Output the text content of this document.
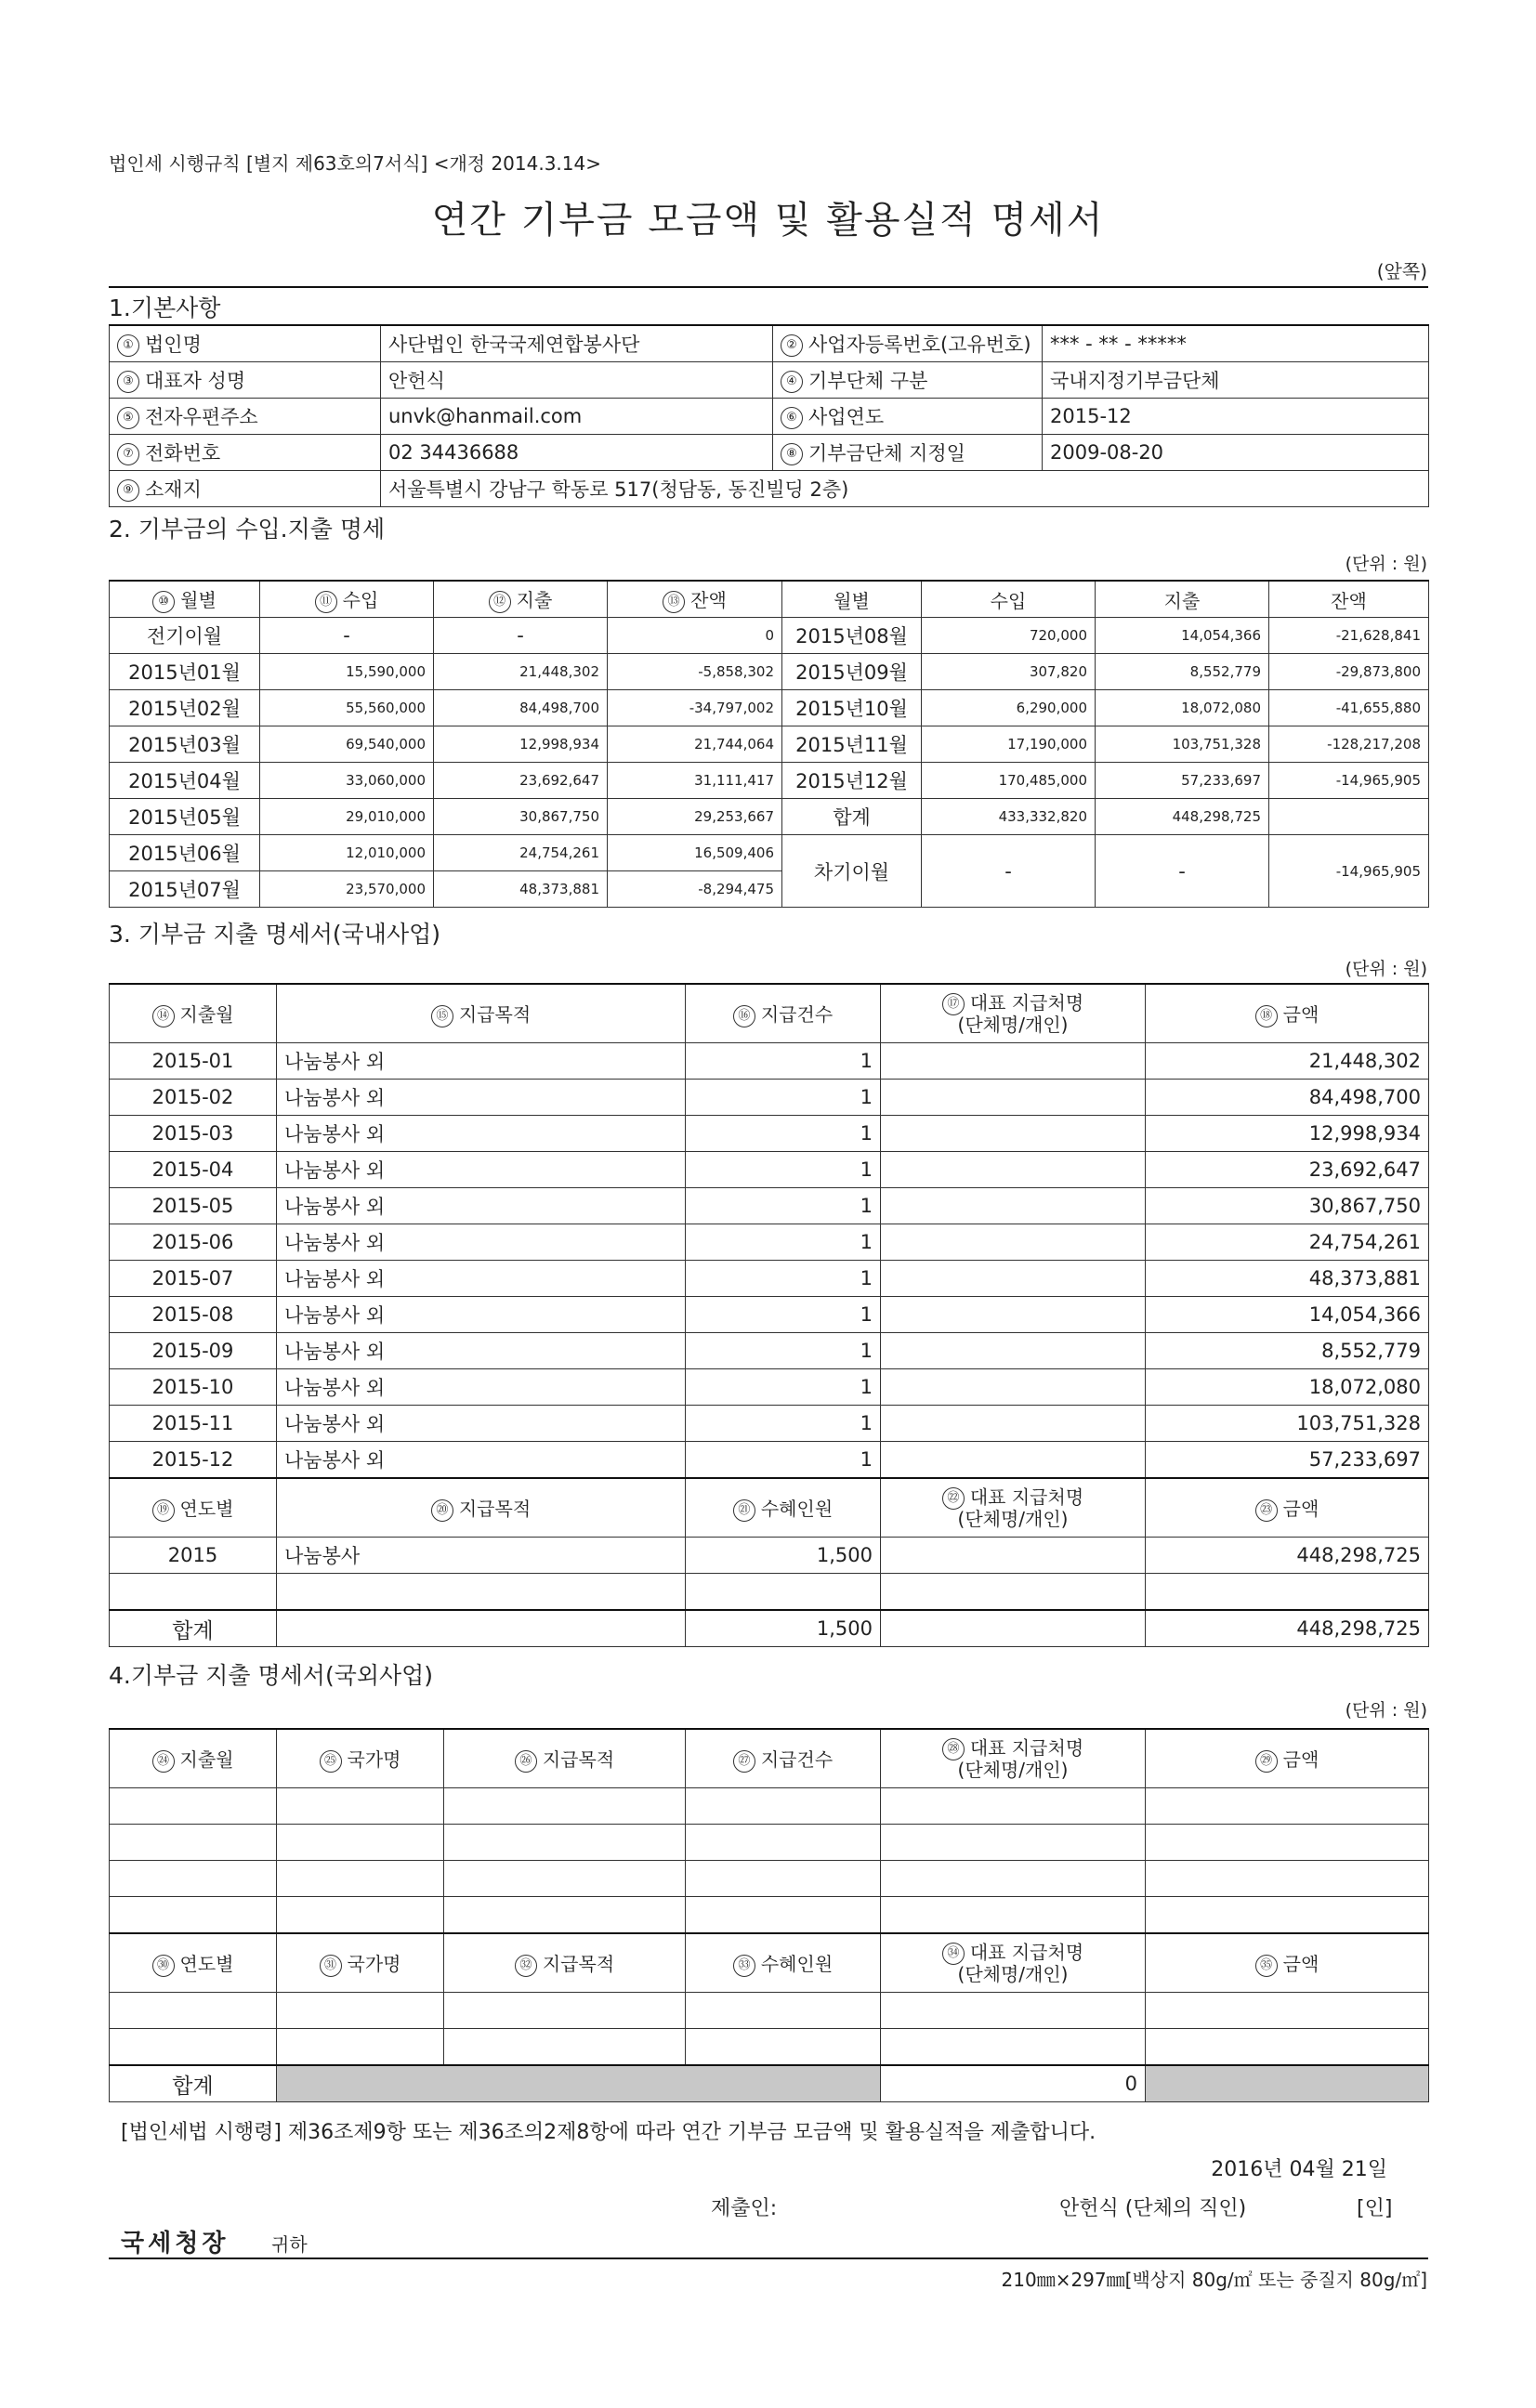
법인세 시행규칙 [별지 제63호의7서식] <개정 2014.3.14>
연간 기부금 모금액 및 활용실적 명세서
(앞쪽)
1.기본사항
① 법인명	사단법인 한국국제연합봉사단	② 사업자등록번호(고유번호)	*** - ** - *****
③ 대표자 성명	안헌식	④ 기부단체 구분	국내지정기부금단체
⑤ 전자우편주소	unvk@hanmail.com	⑥ 사업연도	2015-12
⑦ 전화번호	02 34436688	⑧ 기부금단체 지정일	2009-08-20
⑨ 소재지	서울특별시 강남구 학동로 517(청담동, 동진빌딩 2층)		
2. 기부금의 수입.지출 명세
(단위 : 원)
⑩ 월별	⑪ 수입	⑫ 지출	⑬ 잔액	월별	수입	지출	잔액
전기이월	-	-	0	2015년08월	720,000	14,054,366	-21,628,841
2015년01월	15,590,000	21,448,302	-5,858,302	2015년09월	307,820	8,552,779	-29,873,800
2015년02월	55,560,000	84,498,700	-34,797,002	2015년10월	6,290,000	18,072,080	-41,655,880
2015년03월	69,540,000	12,998,934	21,744,064	2015년11월	17,190,000	103,751,328	-128,217,208
2015년04월	33,060,000	23,692,647	31,111,417	2015년12월	170,485,000	57,233,697	-14,965,905
2015년05월	29,010,000	30,867,750	29,253,667	합계	433,332,820	448,298,725	
2015년06월	12,010,000	24,754,261	16,509,406	차기이월	-	-	-14,965,905
2015년07월	23,570,000	48,373,881	-8,294,475				
3. 기부금 지출 명세서(국내사업)
(단위 : 원)
⑭ 지출월	⑮ 지급목적	⑯ 지급건수	⑰ 대표 지급처명
(단체명/개인)	⑱ 금액
2015-01	나눔봉사 외	1		21,448,302
2015-02	나눔봉사 외	1		84,498,700
2015-03	나눔봉사 외	1		12,998,934
2015-04	나눔봉사 외	1		23,692,647
2015-05	나눔봉사 외	1		30,867,750
2015-06	나눔봉사 외	1		24,754,261
2015-07	나눔봉사 외	1		48,373,881
2015-08	나눔봉사 외	1		14,054,366
2015-09	나눔봉사 외	1		8,552,779
2015-10	나눔봉사 외	1		18,072,080
2015-11	나눔봉사 외	1		103,751,328
2015-12	나눔봉사 외	1		57,233,697
⑲ 연도별	⑳ 지급목적	㉑ 수혜인원	㉒ 대표 지급처명
(단체명/개인)	㉓ 금액
2015	나눔봉사	1,500		448,298,725

합계		1,500		448,298,725
4.기부금 지출 명세서(국외사업)
(단위 : 원)
㉔ 지출월	㉕ 국가명	㉖ 지급목적	㉗ 지급건수	㉘ 대표 지급처명
(단체명/개인)	㉙ 금액	

㉚ 연도별	㉛ 국가명	㉜ 지급목적	㉝ 수혜인원	㉞ 대표 지급처명
(단체명/개인)	㉟ 금액	

합계				0		
[법인세법 시행령] 제36조제9항 또는 제36조의2제8항에 따라 연간 기부금 모금액 및 활용실적을 제출합니다.
2016년 04월 21일
제출인:	안헌식 (단체의 직인)	[인]
국세청장 귀하
210㎜×297㎜[백상지 80g/㎡ 또는 중질지 80g/㎡]
